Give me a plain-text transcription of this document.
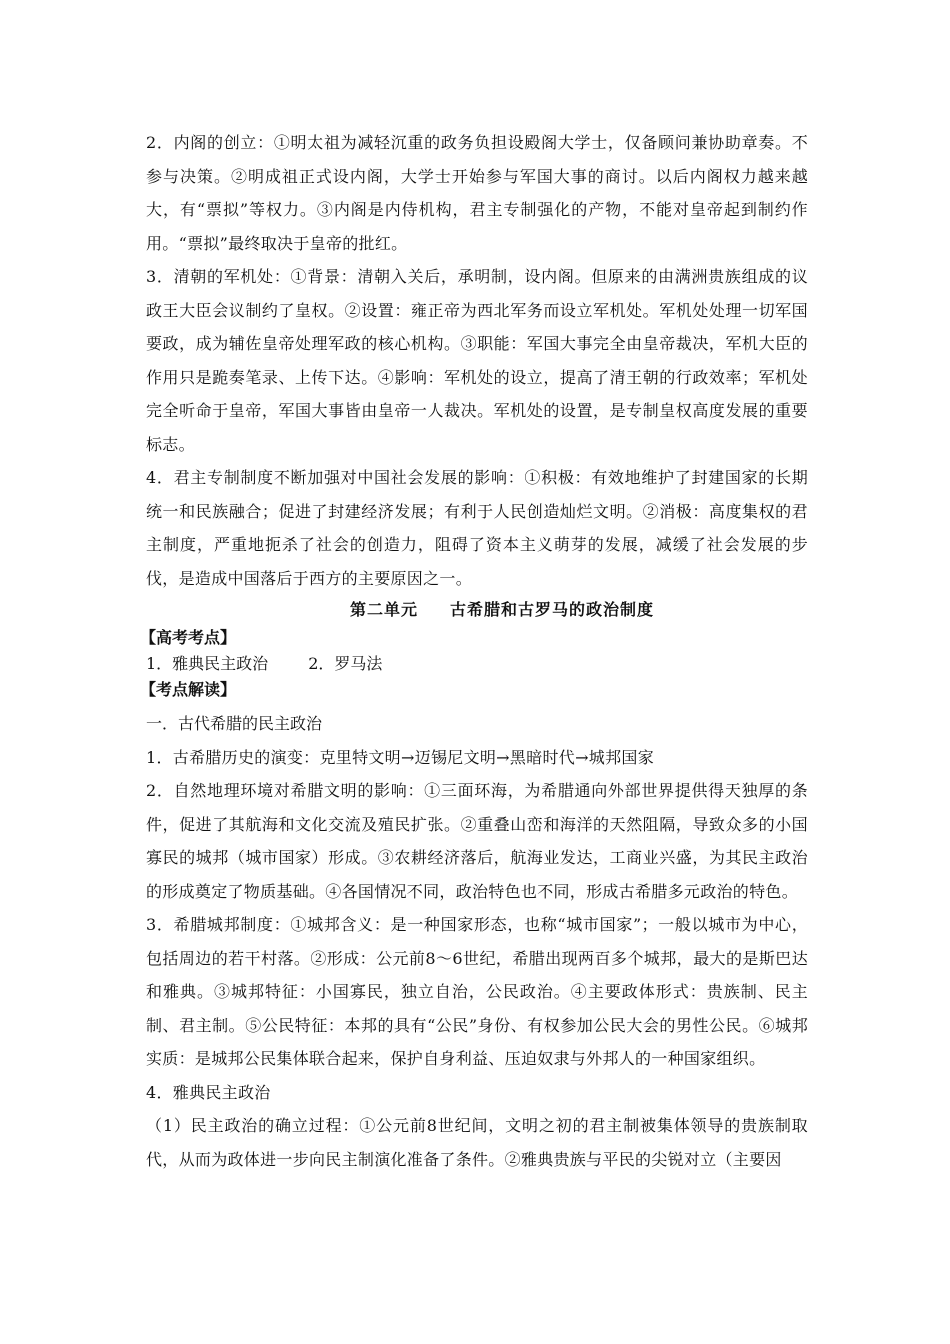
2．内阁的创立：①明太祖为减轻沉重的政务负担设殿阁大学士，仅备顾问兼协助章奏。不参与决策。②明成祖正式设内阁，大学士开始参与军国大事的商讨。以后内阁权力越来越大，有“票拟”等权力。③内阁是内侍机构，君主专制强化的产物，不能对皇帝起到制约作用。“票拟”最终取决于皇帝的批红。

3．清朝的军机处：①背景：清朝入关后，承明制，设内阁。但原来的由满洲贵族组成的议政王大臣会议制约了皇权。②设置：雍正帝为西北军务而设立军机处。军机处处理一切军国要政，成为辅佐皇帝处理军政的核心机构。③职能：军国大事完全由皇帝裁决，军机大臣的作用只是跪奏笔录、上传下达。④影响：军机处的设立，提高了清王朝的行政效率；军机处完全听命于皇帝，军国大事皆由皇帝一人裁决。军机处的设置，是专制皇权高度发展的重要标志。

4．君主专制制度不断加强对中国社会发展的影响：①积极：有效地维护了封建国家的长期统一和民族融合；促进了封建经济发展；有利于人民创造灿烂文明。②消极：高度集权的君主制度，严重地扼杀了社会的创造力，阻碍了资本主义萌芽的发展，减缓了社会发展的步伐，是造成中国落后于西方的主要原因之一。

第二单元 古希腊和古罗马的政治制度

【高考考点】

1．雅典民主政治	2．罗马法

【考点解读】

一．古代希腊的民主政治

1．古希腊历史的演变：克里特文明→迈锡尼文明→黑暗时代→城邦国家

2．自然地理环境对希腊文明的影响：①三面环海，为希腊通向外部世界提供得天独厚的条件，促进了其航海和文化交流及殖民扩张。②重叠山峦和海洋的天然阻隔，导致众多的小国寡民的城邦（城市国家）形成。③农耕经济落后，航海业发达，工商业兴盛，为其民主政治的形成奠定了物质基础。④各国情况不同，政治特色也不同，形成古希腊多元政治的特色。

3．希腊城邦制度：①城邦含义：是一种国家形态，也称“城市国家”；一般以城市为中心，包括周边的若干村落。②形成：公元前8～6世纪，希腊出现两百多个城邦，最大的是斯巴达和雅典。③城邦特征：小国寡民，独立自治，公民政治。④主要政体形式：贵族制、民主制、君主制。⑤公民特征：本邦的具有“公民”身份、有权参加公民大会的男性公民。⑥城邦实质：是城邦公民集体联合起来，保护自身利益、压迫奴隶与外邦人的一种国家组织。

4．雅典民主政治

（1）民主政治的确立过程：①公元前8世纪间，文明之初的君主制被集体领导的贵族制取代，从而为政体进一步向民主制演化准备了条件。②雅典贵族与平民的尖锐对立（主要因
